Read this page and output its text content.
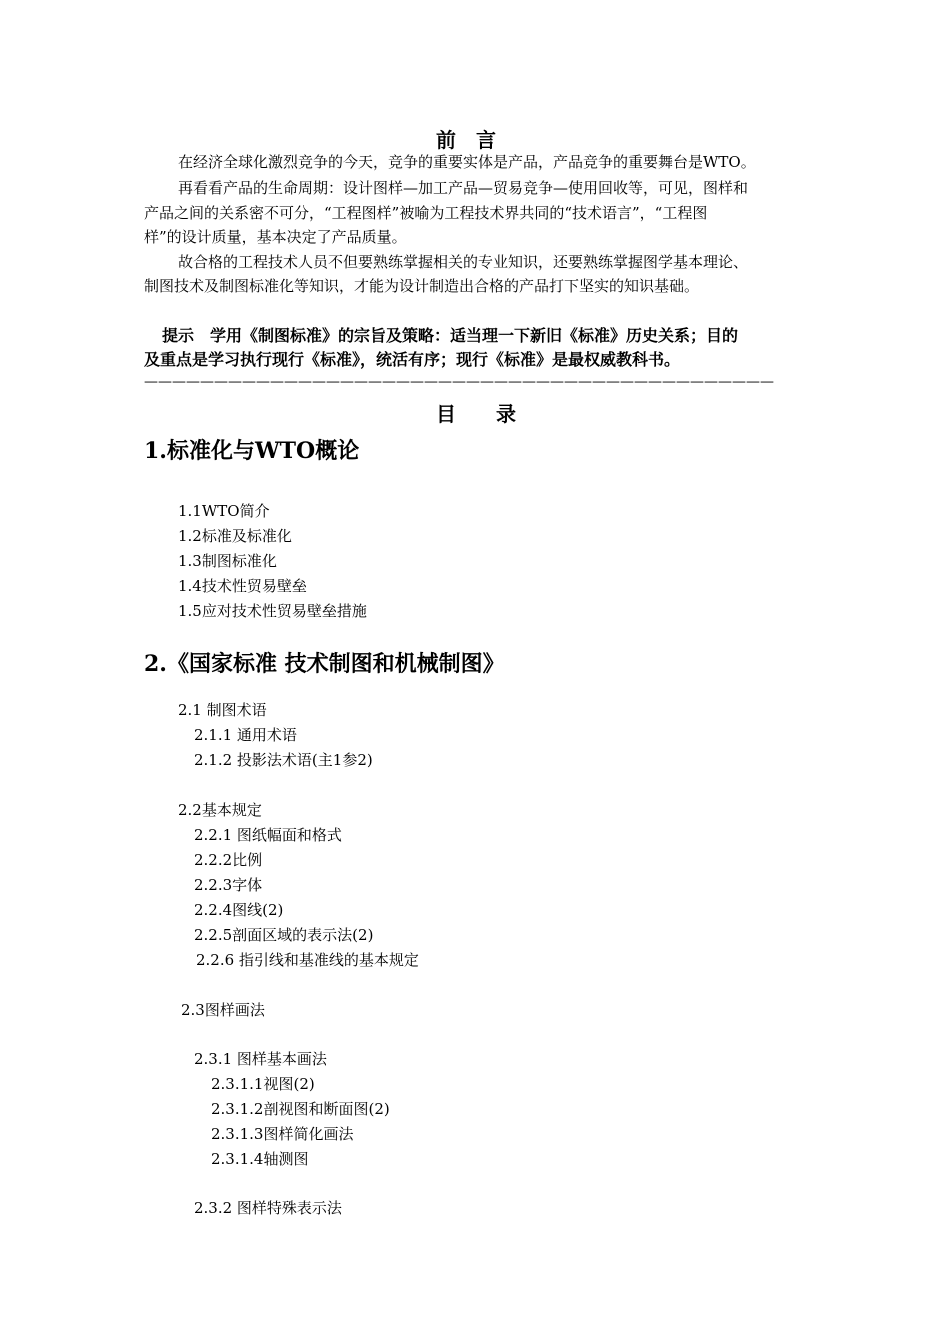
前　言
在经济全球化激烈竞争的今天，竞争的重要实体是产品，产品竞争的重要舞台是WTO。
再看看产品的生命周期：设计图样—加工产品—贸易竞争—使用回收等，可见，图样和
产品之间的关系密不可分，“工程图样”被喻为工程技术界共同的“技术语言”，“工程图
样”的设计质量，基本决定了产品质量。
故合格的工程技术人员不但要熟练掌握相关的专业知识，还要熟练掌握图学基本理论、
制图技术及制图标准化等知识，才能为设计制造出合格的产品打下坚实的知识基础。
提示　学用《制图标准》的宗旨及策略：适当理一下新旧《标准》历史关系；目的
及重点是学习执行现行《标准》，统活有序；现行《标准》是最权威教科书。
—————————————————————————————————————————————
目　　录
1.标准化与WTO概论
1.1WTO简介
1.2标准及标准化
1.3制图标准化
1.4技术性贸易壁垒
1.5应对技术性贸易壁垒措施
2.《国家标准 技术制图和机械制图》
2.1 制图术语
2.1.1 通用术语
2.1.2 投影法术语(主1参2)
2.2基本规定
2.2.1 图纸幅面和格式
2.2.2比例
2.2.3字体
2.2.4图线(2)
2.2.5剖面区域的表示法(2)
2.2.6 指引线和基准线的基本规定
2.3图样画法
2.3.1 图样基本画法
2.3.1.1视图(2)
2.3.1.2剖视图和断面图(2)
2.3.1.3图样简化画法
2.3.1.4轴测图
2.3.2 图样特殊表示法
